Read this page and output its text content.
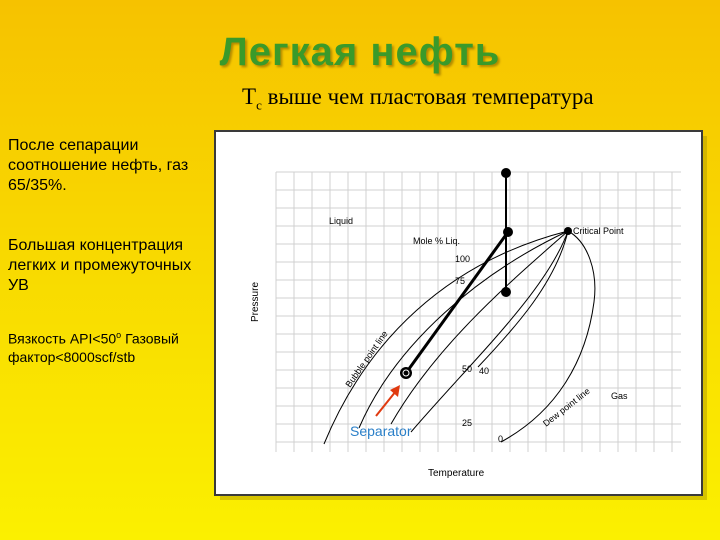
Легкая нефть
$T_c$ выше чем пластовая температура
После сепарации соотношение нефть, газ 65/35%.
Большая концентрация легких и промежуточных УВ
Вязкость $API<50^o$ Газовый фактор<8000scf/stb
Pressure
Temperature
Liquid
Gas
Mole % Liq.
Critical Point
Bubble point line
Dew point line
100
75
50 40
25
0
Separator
